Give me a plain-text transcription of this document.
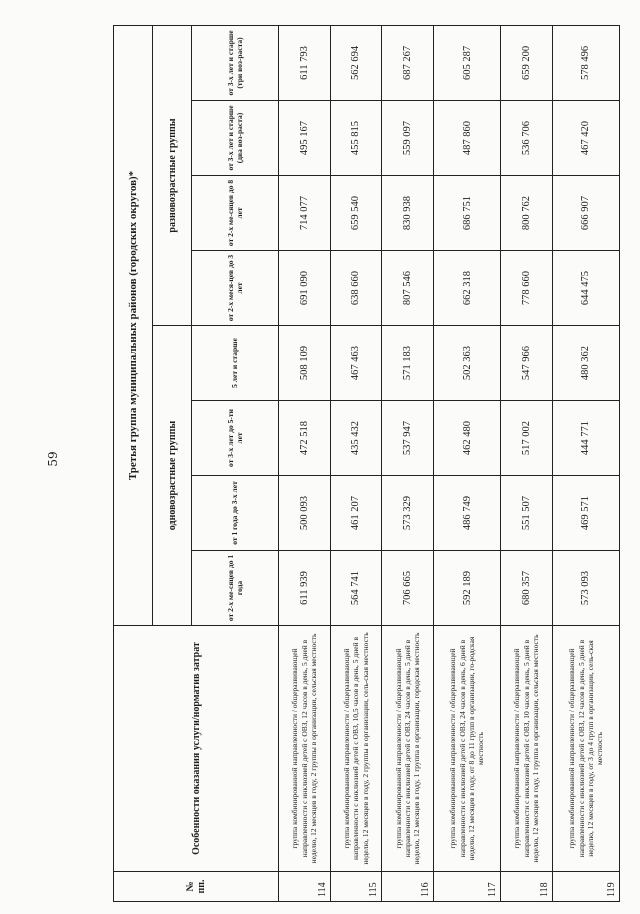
59
№ пп.	Особенности оказания услуги/норматив затрат	Третья группа муниципальных районов (городских округов)*							
		одновозрастные группы				разновозрастные группы			
		от 2-х ме-сяцев до 1 года	от 1 года до 3-х лет	от 3-х лет до 5-ти лет	5 лет и старше	от 2-х меся-цев до 3 лет	от 2-х ме-сяцев до 8 лет	от 3-х лет и старше (два воз-раста)	от 3-х лет и старше (три воз-раста)
114	группа комбинированной направленности / общеразвивающей направленности с инклюзией детей с ОВЗ, 12 часов в день, 5 дней в неделю, 12 месяцев в году, 2 группы в организации, сельская местность	611 939	500 093	472 518	508 109	691 090	714 077	495 167	611 793
115	группа комбинированной направленности / общеразвивающей направленности с инклюзией детей с ОВЗ, 10,5 часов в день, 5 дней в неделю, 12 месяцев в году, 2 группы в организации, сель-ская местность	564 741	461 207	435 432	467 463	638 660	659 540	455 815	562 694
116	группа комбинированной направленности / общеразвивающей направленности с инклюзией детей с ОВЗ, 24 часов в день, 5 дней в неделю, 12 месяцев в году, 1 группа в организации, городская местность	706 665	573 329	537 947	571 183	807 546	830 938	559 097	687 267
117	группа комбинированной направленности / общеразвивающей направленности с инклюзией детей с ОВЗ, 24 часов в день, 6 дней в неделю, 12 месяцев в году, от 8 до 11 групп в организации, го-родская местность	592 189	486 749	462 480	502 363	662 318	686 751	487 860	605 287
118	группа комбинированной направленности / общеразвивающей направленности с инклюзией детей с ОВЗ, 10 часов в день, 5 дней в неделю, 12 месяцев в году, 1 группа в организации, сельская местность	680 357	551 507	517 002	547 966	778 660	800 762	536 706	659 200
119	группа комбинированной направленности / общеразвивающей направленности с инклюзией детей с ОВЗ, 12 часов в день, 5 дней в неделю, 12 месяцев в году, от 3 до 4 групп в организации, сель-ская местность	573 093	469 571	444 771	480 362	644 475	666 907	467 420	578 496
